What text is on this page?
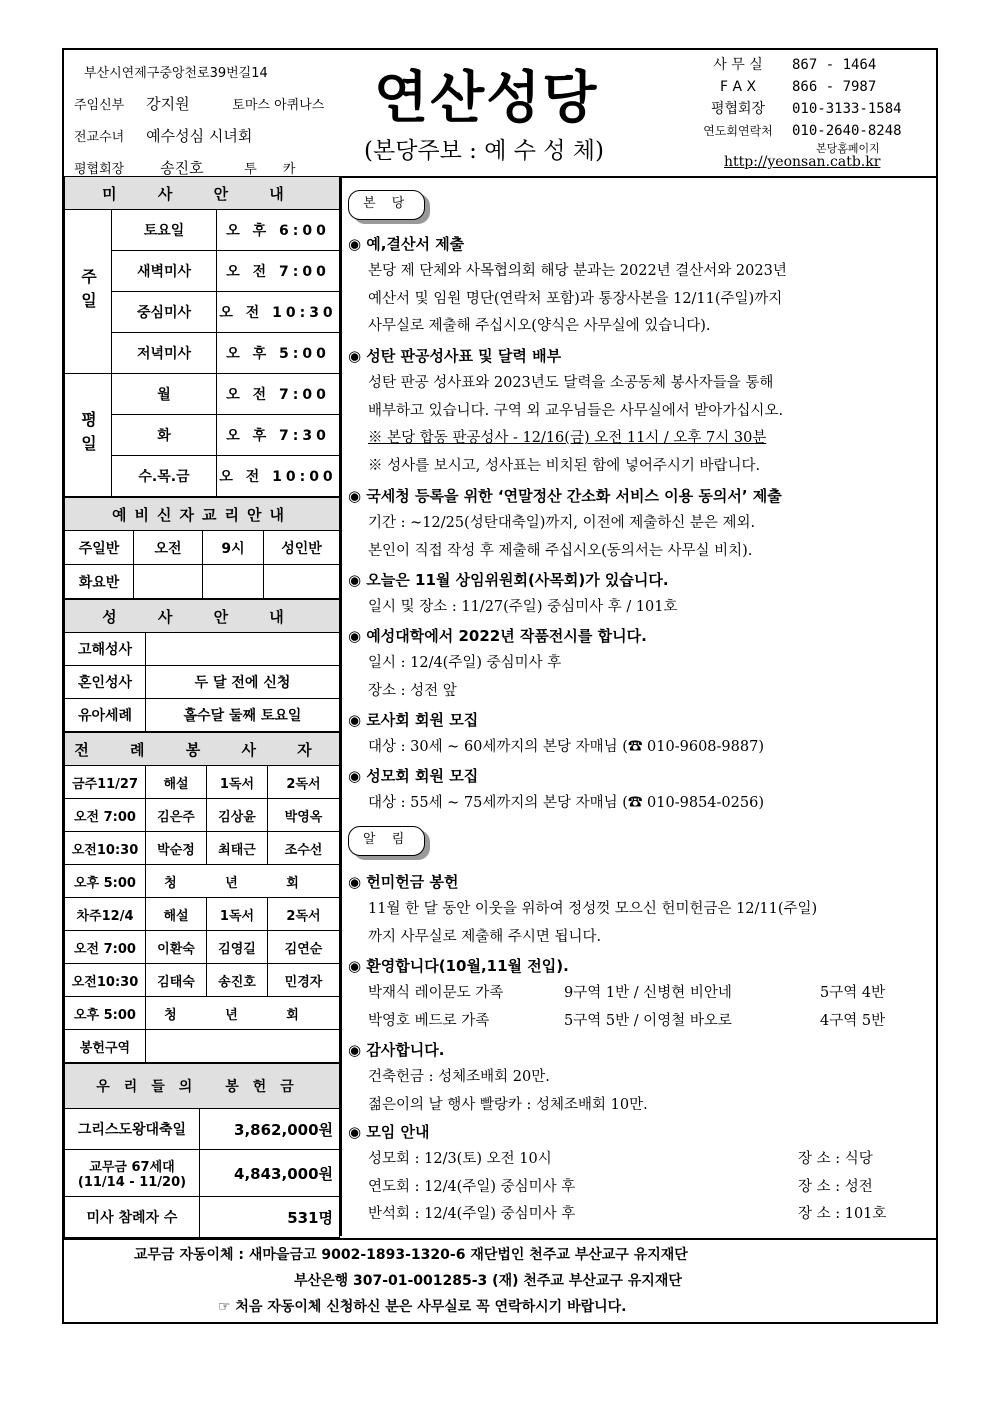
부산시연제구중앙천로39번길14
주임신부 강지원	토마스 아퀴나스
전교수녀 예수성심 시녀회
평협회장 송진호	투　　카
연산성당
(본당주보 : 예 수 성 체)
사 무 실 867 - 1464
F A X	866 - 7987
평협회장 010-3133-1584
연도회연락처 010-2640-8248
본당홈페이지
http://yeonsan.catb.kr
미 사 안 내		
주일	토요일	오 후 6:00
	새벽미사	오 전 7:00
	중심미사	오 전 10:30
	저녁미사	오 후 5:00
평일	월	오 전 7:00
	화	오 후 7:30
	수.목.금	오 전 10:00
예비신자교리안내			
주일반	오전	9시	성인반
화요반			
성 사 안 내	
고해성사	
혼인성사	두 달 전에 신청
유아세례	홀수달 둘째 토요일
전 례 봉 사 자			
금주11/27	해설	1독서	2독서
오전 7:00	김은주	김상윤	박영옥
오전10:30	박순정	최태근	조수선
오후 5:00	청 년 회		
차주12/4	해설	1독서	2독서
오전 7:00	이환숙	김영길	김연순
오전10:30	김태숙	송진호	민경자
오후 5:00	청 년 회		
봉헌구역			
우리들의 봉헌금	
그리스도왕대축일	3,862,000원
교무금 67세대 (11/14 - 11/20)	4,843,000원
미사 참례자 수	531명
본 당
◉ 예,결산서 제출
본당 제 단체와 사목협의회 해당 분과는 2022년 결산서와 2023년
예산서 및 임원 명단(연락처 포함)과 통장사본을 12/11(주일)까지
사무실로 제출해 주십시오(양식은 사무실에 있습니다).
◉ 성탄 판공성사표 및 달력 배부
성탄 판공 성사표와 2023년도 달력을 소공동체 봉사자들을 통해
배부하고 있습니다. 구역 외 교우님들은 사무실에서 받아가십시오.
※ 본당 합동 판공성사 - 12/16(금) 오전 11시 / 오후 7시 30분
※ 성사를 보시고, 성사표는 비치된 함에 넣어주시기 바랍니다.
◉ 국세청 등록을 위한 ‘연말정산 간소화 서비스 이용 동의서’ 제출
기간 : ~12/25(성탄대축일)까지, 이전에 제출하신 분은 제외.
본인이 직접 작성 후 제출해 주십시오(동의서는 사무실 비치).
◉ 오늘은 11월 상임위원회(사목회)가 있습니다.
일시 및 장소 : 11/27(주일) 중심미사 후 / 101호
◉ 예성대학에서 2022년 작품전시를 합니다.
일시 : 12/4(주일) 중심미사 후
장소 : 성전 앞
◉ 로사회 회원 모집
대상 : 30세 ~ 60세까지의 본당 자매님 (☎ 010-9608-9887)
◉ 성모회 회원 모집
대상 : 55세 ~ 75세까지의 본당 자매님 (☎ 010-9854-0256)
알 림
◉ 헌미헌금 봉헌
11월 한 달 동안 이웃을 위하여 정성껏 모으신 헌미헌금은 12/11(주일)
까지 사무실로 제출해 주시면 됩니다.
◉ 환영합니다(10월,11월 전입).
박재식 레이문도 가족	9구역 1반 / 신병현 비안네	5구역 4반
박영호 베드로 가족	5구역 5반 / 이영철 바오로	4구역 5반
◉ 감사합니다.
건축헌금 : 성체조배회 20만.
젊은이의 날 행사 빨랑카 : 성체조배회 10만.
◉ 모임 안내
성모회 : 12/3(토) 오전 10시	장 소 : 식당
연도회 : 12/4(주일) 중심미사 후	장 소 : 성전
반석회 : 12/4(주일) 중심미사 후	장 소 : 101호
교무금 자동이체 : 새마을금고 9002-1893-1320-6 재단법인 천주교 부산교구 유지재단
부산은행 307-01-001285-3 (재) 천주교 부산교구 유지재단
☞ 처음 자동이체 신청하신 분은 사무실로 꼭 연락하시기 바랍니다.
